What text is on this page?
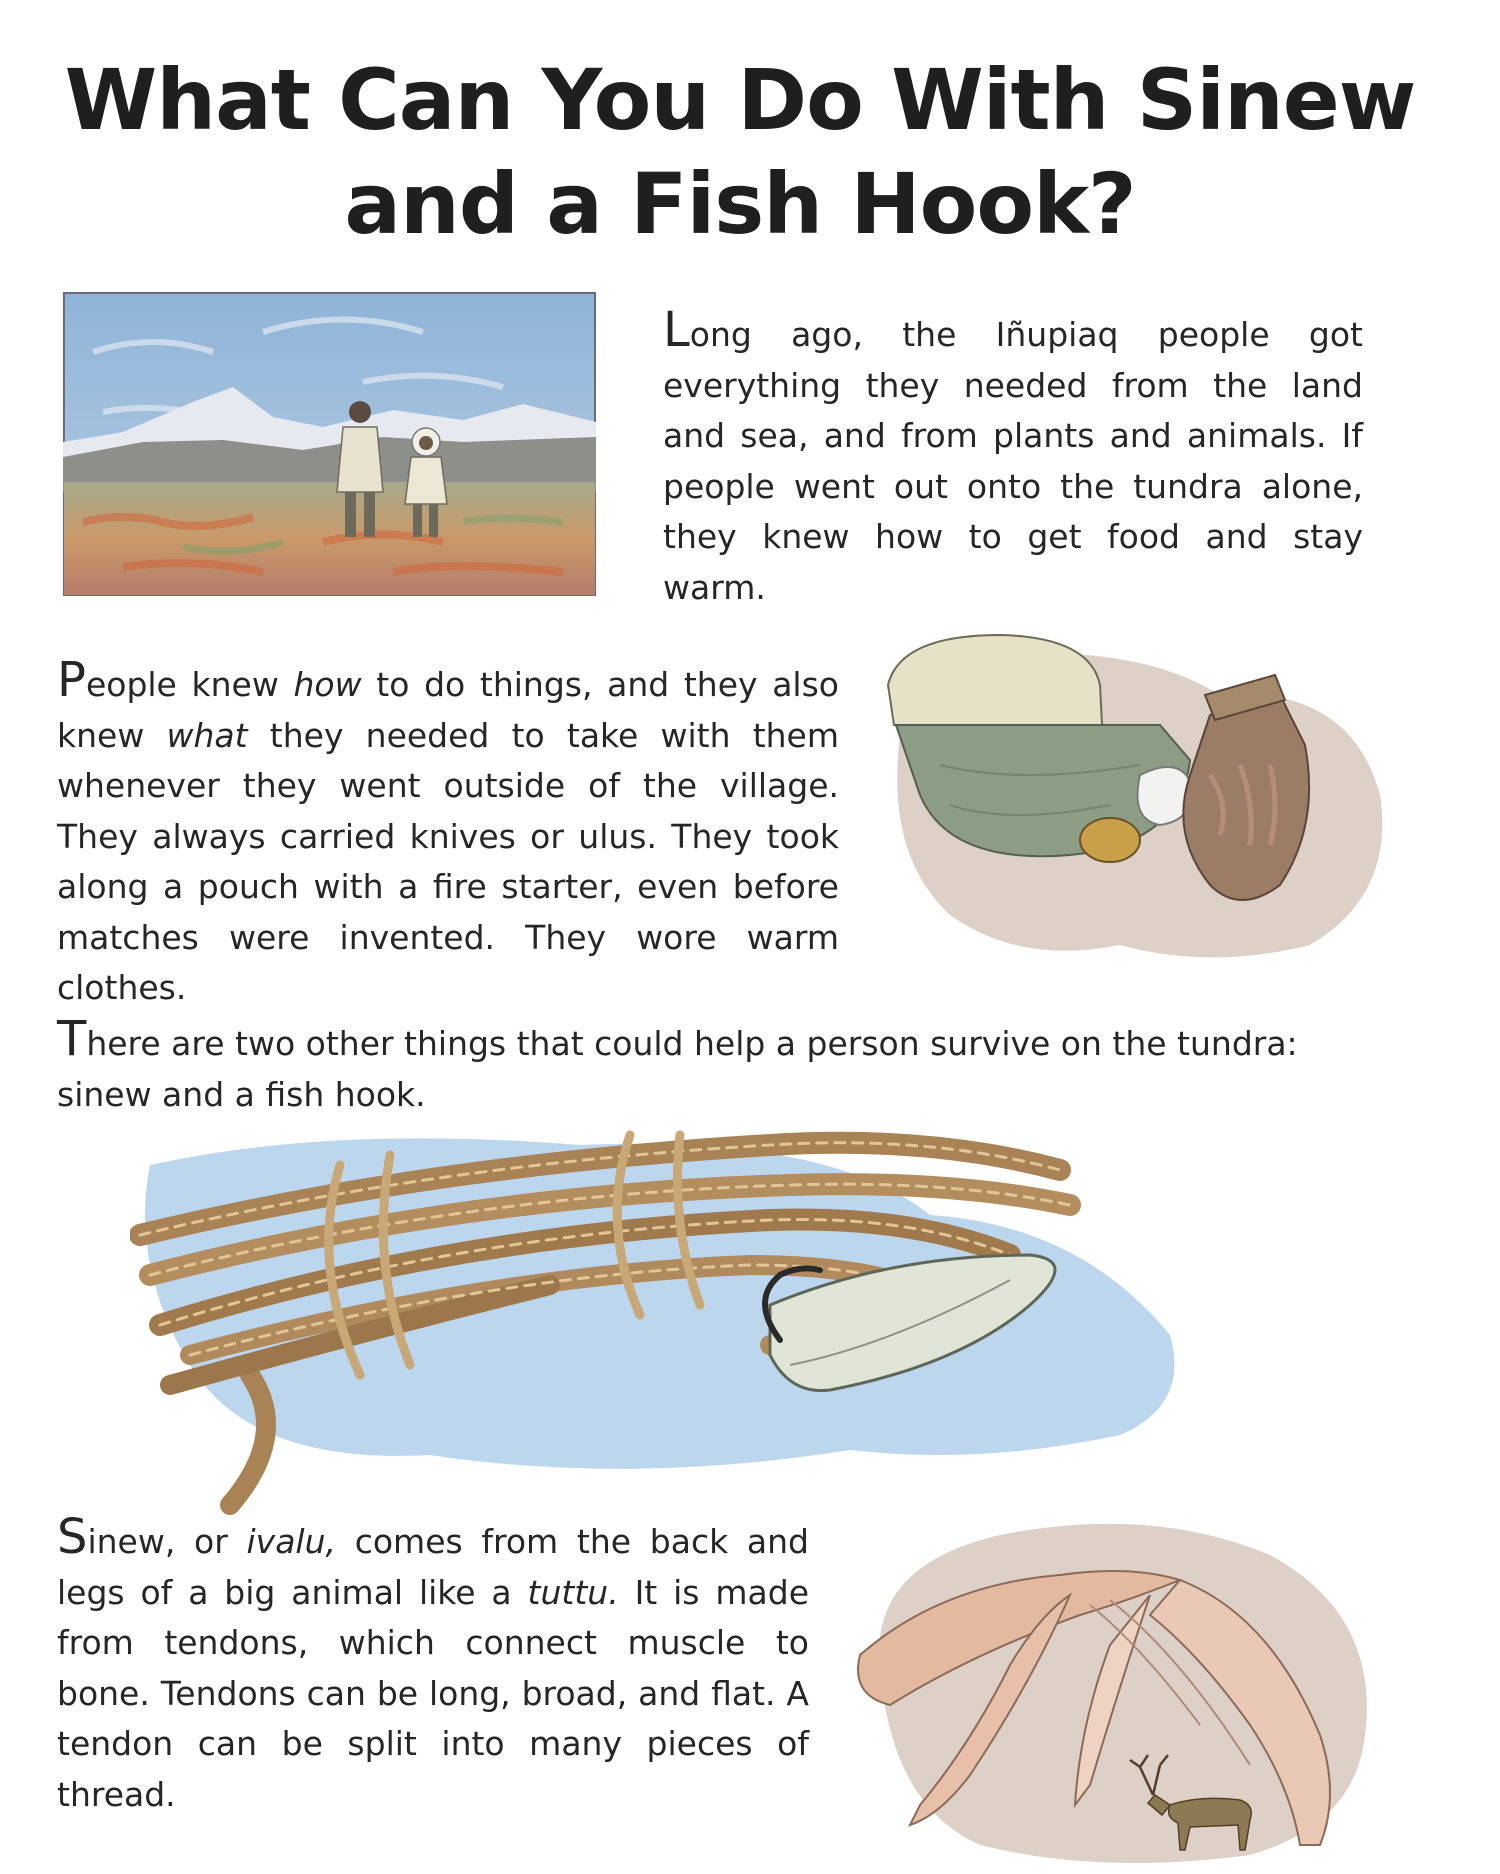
What Can You Do With Sinew and a Fish Hook?
Long ago, the Iñupiaq people got everything they needed from the land and sea, and from plants and animals. If people went out onto the tundra alone, they knew how to get food and stay warm.
People knew how to do things, and they also knew what they needed to take with them whenever they went outside of the village. They always carried knives or ulus. They took along a pouch with a fire starter, even before matches were invented. They wore warm clothes.
There are two other things that could help a person survive on the tundra: sinew and a fish hook.
Sinew, or ivalu, comes from the back and legs of a big animal like a tuttu. It is made from tendons, which connect muscle to bone. Tendons can be long, broad, and flat. A tendon can be split into many pieces of thread.
